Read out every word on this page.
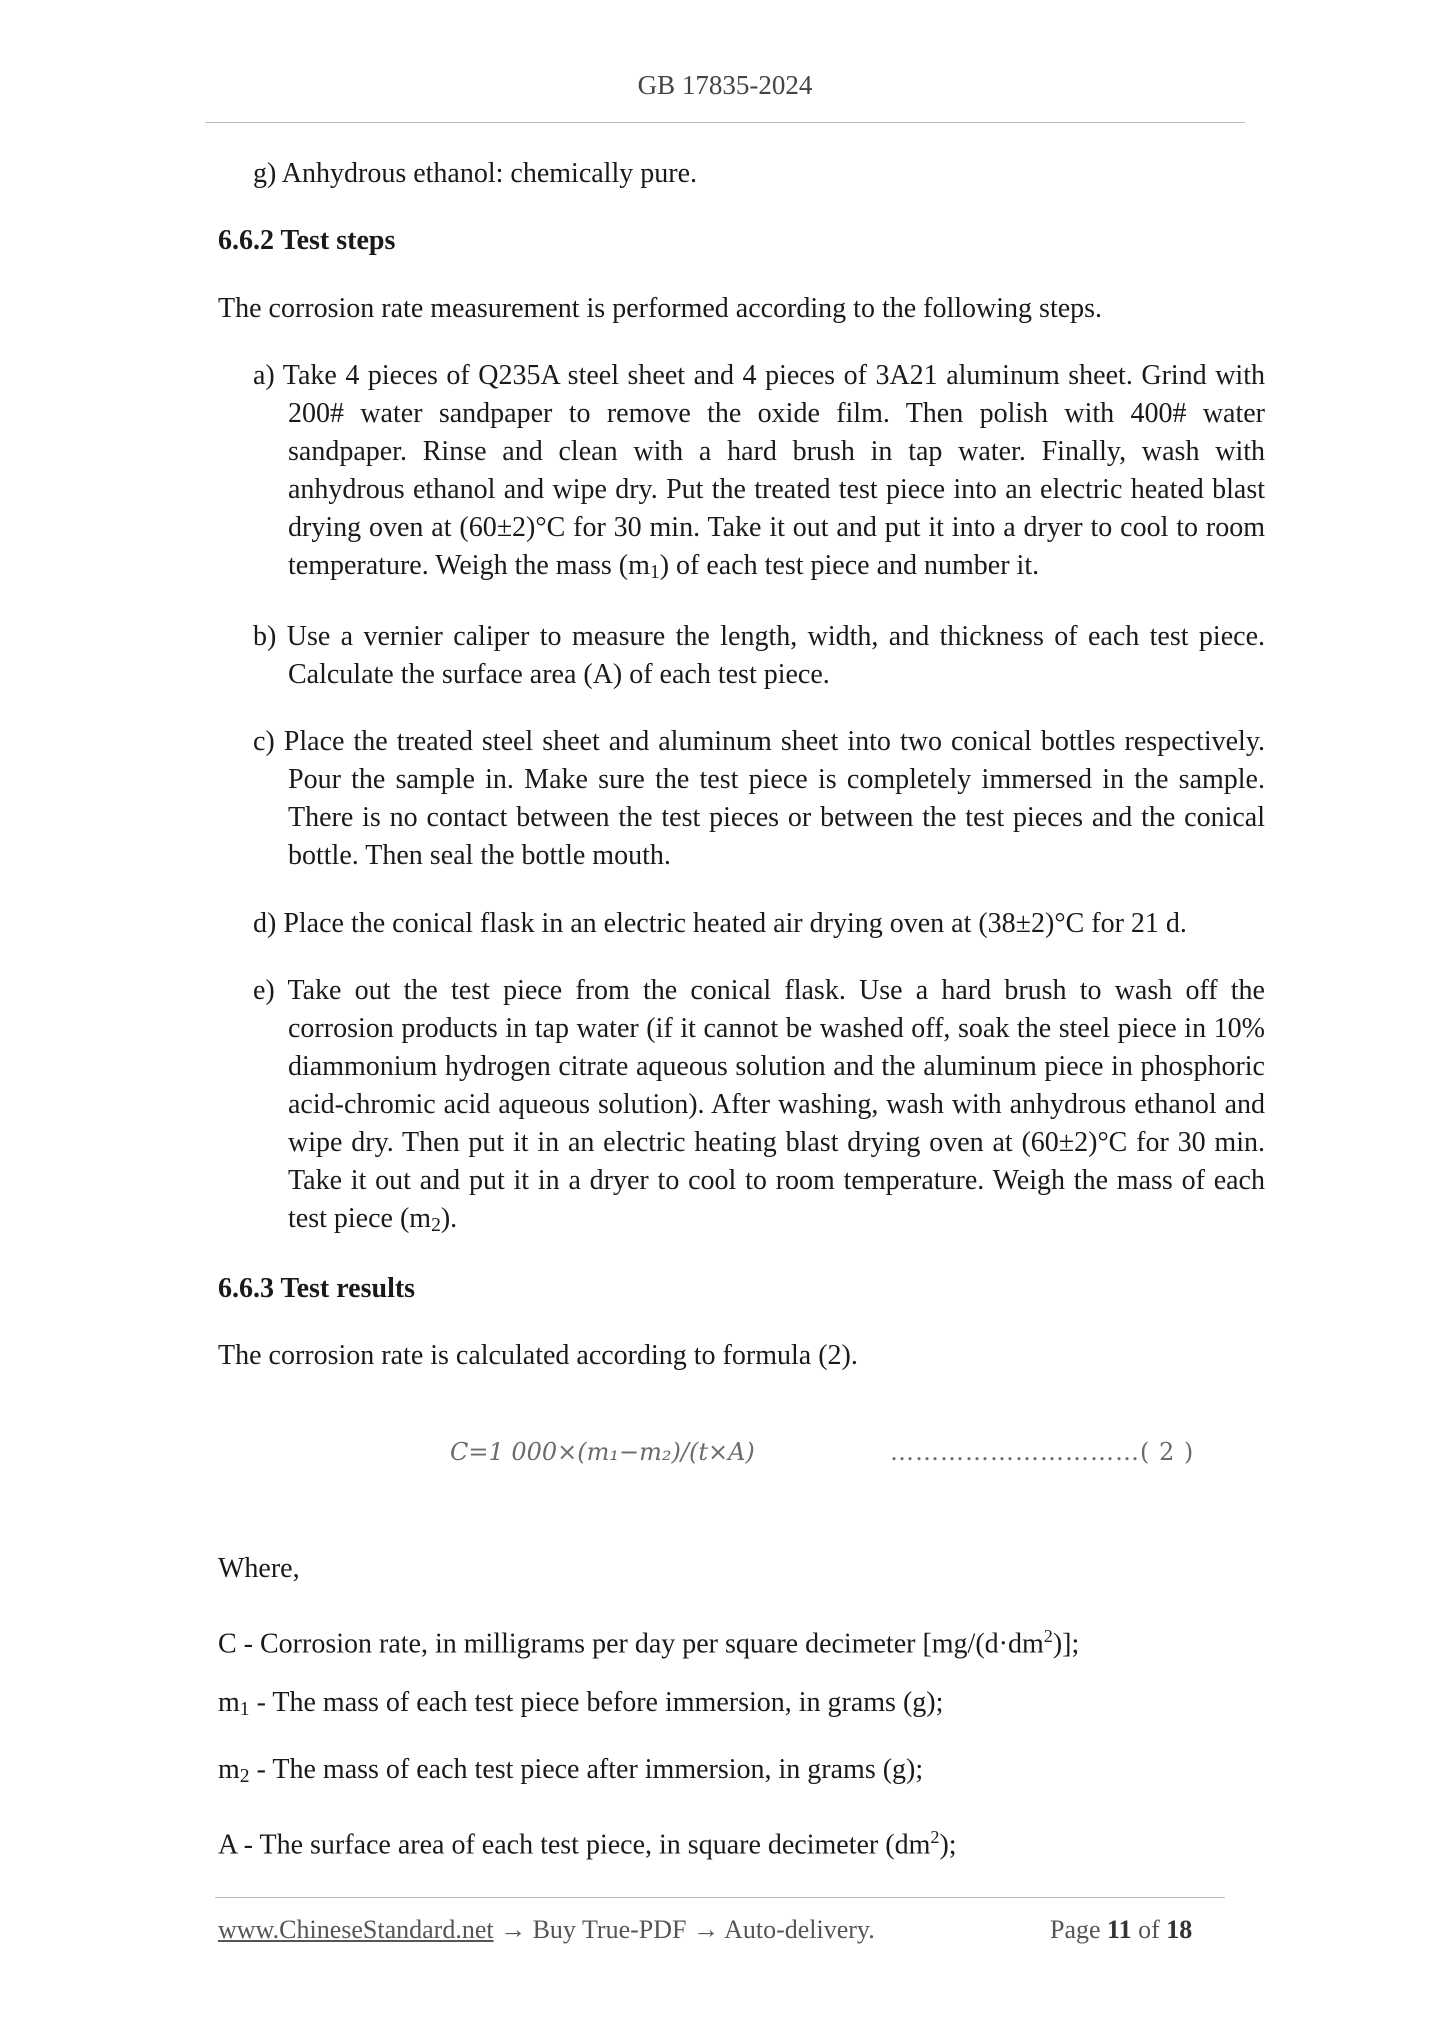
GB 17835-2024

g) Anhydrous ethanol: chemically pure.

6.6.2 Test steps

The corrosion rate measurement is performed according to the following steps.

a) Take 4 pieces of Q235A steel sheet and 4 pieces of 3A21 aluminum sheet. Grind with 200# water sandpaper to remove the oxide film. Then polish with 400# water sandpaper. Rinse and clean with a hard brush in tap water. Finally, wash with anhydrous ethanol and wipe dry. Put the treated test piece into an electric heated blast drying oven at (60±2)°C for 30 min. Take it out and put it into a dryer to cool to room temperature. Weigh the mass $(m_1)$ of each test piece and number it.

b) Use a vernier caliper to measure the length, width, and thickness of each test piece. Calculate the surface area (A) of each test piece.

c) Place the treated steel sheet and aluminum sheet into two conical bottles respectively. Pour the sample in. Make sure the test piece is completely immersed in the sample. There is no contact between the test pieces or between the test pieces and the conical bottle. Then seal the bottle mouth.

d) Place the conical flask in an electric heated air drying oven at (38±2)°C for 21 d.

e) Take out the test piece from the conical flask. Use a hard brush to wash off the corrosion products in tap water (if it cannot be washed off, soak the steel piece in 10% diammonium hydrogen citrate aqueous solution and the aluminum piece in phosphoric acid-chromic acid aqueous solution). After washing, wash with anhydrous ethanol and wipe dry. Then put it in an electric heating blast drying oven at (60±2)°C for 30 min. Take it out and put it in a dryer to cool to room temperature. Weigh the mass of each test piece $(m_2)$.

6.6.3 Test results

The corrosion rate is calculated according to formula (2).

C=1 000×(m₁−m₂)/(t×A)	…………………………( 2 )

Where,

C - Corrosion rate, in milligrams per day per square decimeter $[mg/(d\cdot dm^2)]$;

$m_1$ - The mass of each test piece before immersion, in grams (g);

$m_2$ - The mass of each test piece after immersion, in grams (g);

A - The surface area of each test piece, in square decimeter $(dm^2)$;

www.ChineseStandard.net → Buy True-PDF → Auto-delivery.	Page 11 of 18
